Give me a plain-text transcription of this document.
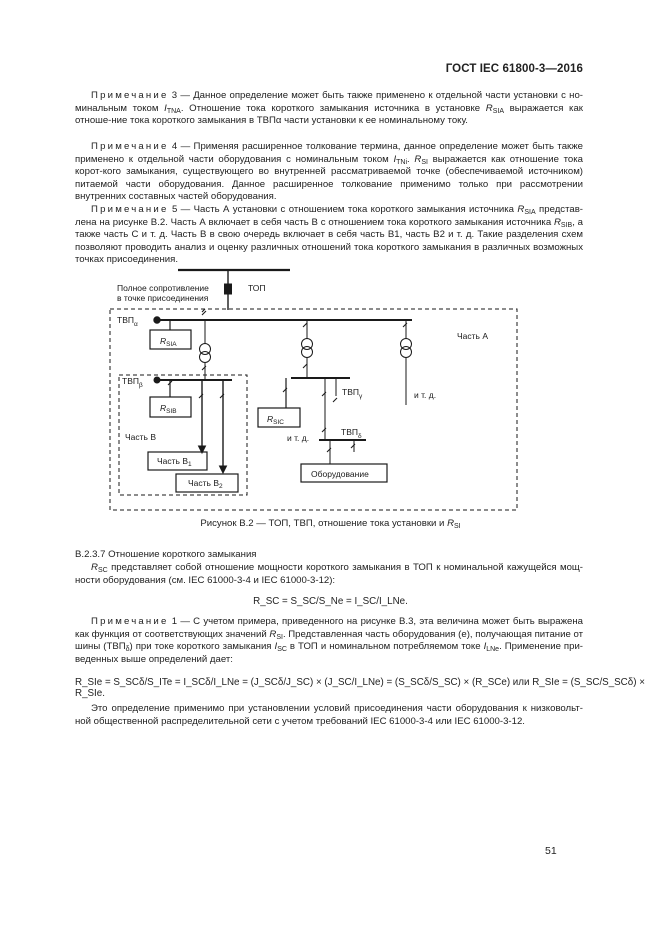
ГОСТ IEC 61800-3—2016
Примечание 3 — Данное определение может быть также применено к отдельной части установки с но-минальным током $I_{TNA}$. Отношение тока короткого замыкания источника в установке $R_{SIA}$ выражается как отноше-ние тока короткого замыкания в ТВПα части установки к ее номинальному току.
Примечание 4 — Применяя расширенное толкование термина, данное определение может быть также применено к отдельной части оборудования с номинальным током $I_{TNi}$. $R_{SI}$ выражается как отношение тока корот-кого замыкания, существующего во внутренней рассматриваемой точке (обеспечиваемой источником) питаемой части оборудования. Данное расширенное толкование применимо только при рассмотрении внутренних составных частей оборудования.
Примечание 5 — Часть А установки с отношением тока короткого замыкания источника $R_{SIA}$ представ-лена на рисунке В.2. Часть А включает в себя часть В с отношением тока короткого замыкания источника $R_{SIB}$, а также часть С и т. д. Часть В в свою очередь включает в себя часть В1, часть В2 и т. д. Такие разделения схем позволяют проводить анализ и оценку различных отношений тока короткого замыкания в различных возможных точках присоединения.
Полное сопротивление
в точке присоединения
ТОП
$ТВП_\alpha$
Часть А
$R_{SIA}$
$ТВП_\beta$
$R_{SIB}$
Часть В
Часть $В_1$
Часть $В_2$
$ТВП_\gamma$
$R_{SIC}$
и т. д.
$ТВП_\delta$
и т. д.
Оборудование
Рисунок В.2 — ТОП, ТВП, отношение тока установки и $R_{SI}$
В.2.3.7 Отношение короткого замыкания
$R_{SC}$ представляет собой отношение мощности короткого замыкания в ТОП к номинальной кажущейся мощ-ности оборудования (см. IEC 61000-3-4 и IEC 61000-3-12):
R_SC = S_SC/S_Ne = I_SC/I_LNe.
Примечание 1 — С учетом примера, приведенного на рисунке В.3, эта величина может быть выражена как функция от соответствующих значений $R_{SI}$. Представленная часть оборудования (е), получающая питание от шины $(ТВП_\delta)$ при токе короткого замыкания $I_{SC}$ в ТОП и номинальном потребляемом токе $I_{LNe}$. Применение при-веденных выше определений дает:
R_SIe = S_SCδ/S_ITe = I_SCδ/I_LNe = (J_SCδ/J_SC) × (J_SC/I_LNe) = (S_SCδ/S_SC) × (R_SCe) или R_SIe = (S_SC/S_SCδ) × R_SIe.
Это определение применимо при установлении условий присоединения части оборудования к низковольт-ной общественной распределительной сети с учетом требований IEC 61000-3-4 или IEC 61000-3-12.
51
